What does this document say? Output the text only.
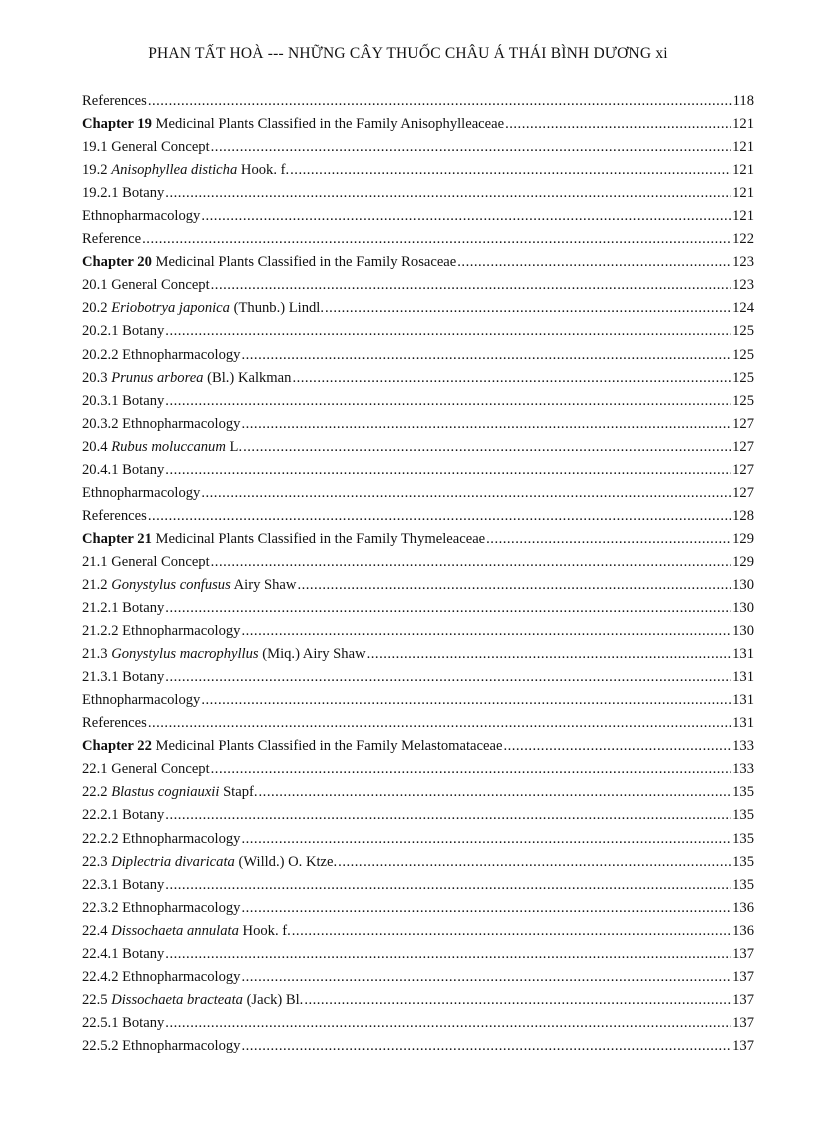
PHAN TẤT HOÀ --- NHỮNG CÂY THUỐC CHÂU Á THÁI BÌNH DƯƠNG xi
References .....	118
Chapter 19 Medicinal Plants Classified in the Family Anisophylleaceae .....	121
19.1 General Concept .....	121
19.2 Anisophyllea disticha Hook. f. .....	121
19.2.1 Botany .....	121
Ethnopharmacology .....	121
Reference .....	122
Chapter 20 Medicinal Plants Classified in the Family Rosaceae .....	123
20.1 General Concept .....	123
20.2 Eriobotrya japonica (Thunb.) Lindl. .....	124
20.2.1 Botany .....	125
20.2.2 Ethnopharmacology .....	125
20.3 Prunus arborea (Bl.) Kalkman .....	125
20.3.1 Botany .....	125
20.3.2 Ethnopharmacology .....	127
20.4 Rubus moluccanum L. .....	127
20.4.1 Botany .....	127
Ethnopharmacology .....	127
References .....	128
Chapter 21 Medicinal Plants Classified in the Family Thymeleaceae .....	129
21.1 General Concept .....	129
21.2 Gonystylus confusus Airy Shaw .....	130
21.2.1 Botany .....	130
21.2.2 Ethnopharmacology .....	130
21.3 Gonystylus macrophyllus (Miq.) Airy Shaw .....	131
21.3.1 Botany .....	131
Ethnopharmacology .....	131
References .....	131
Chapter 22 Medicinal Plants Classified in the Family Melastomataceae .....	133
22.1 General Concept .....	133
22.2 Blastus cogniauxii Stapf. .....	135
22.2.1 Botany .....	135
22.2.2 Ethnopharmacology .....	135
22.3 Diplectria divaricata (Willd.) O. Ktze. .....	135
22.3.1 Botany .....	135
22.3.2 Ethnopharmacology .....	136
22.4 Dissochaeta annulata Hook. f. .....	136
22.4.1 Botany .....	137
22.4.2 Ethnopharmacology .....	137
22.5 Dissochaeta bracteata (Jack) Bl. .....	137
22.5.1 Botany .....	137
22.5.2 Ethnopharmacology .....	137
